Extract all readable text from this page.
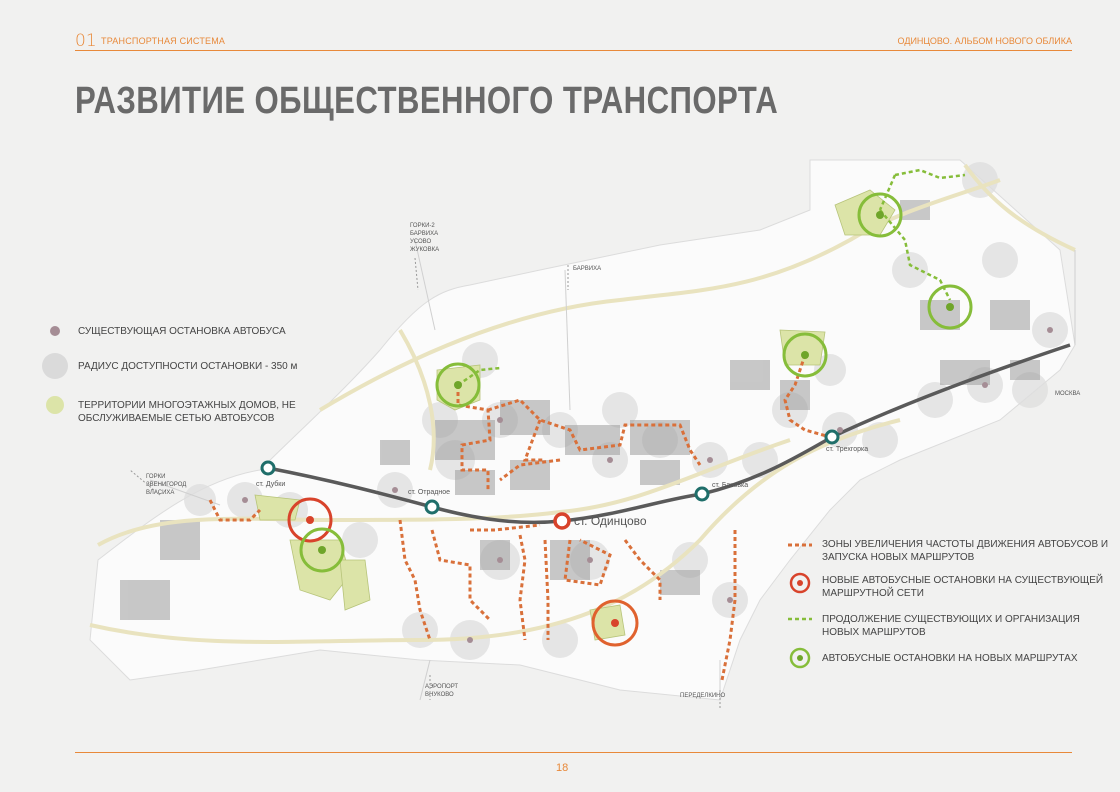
01 ТРАНСПОРТНАЯ СИСТЕМА	ОДИНЦОВО. АЛЬБОМ НОВОГО ОБЛИКА
РАЗВИТИЕ ОБЩЕСТВЕННОГО ТРАНСПОРТА
ст. Дубки
ст. Отрадное
ст. Одинцово
ст. Баковка
ст. Трехгорка
ГОРКИ-2
БАРВИХА
УСОВО
ЖУКОВКА
БАРВИХА
ГОРКИ
ЗВЕНИГОРОД
ВЛАСИХА
АЭРОПОРТ
ВНУКОВО	ПЕРЕДЕЛКИНО
МОСКВА
СУЩЕСТВУЮЩАЯ ОСТАНОВКА АВТОБУСА
РАДИУС ДОСТУПНОСТИ ОСТАНОВКИ - 350 м
ТЕРРИТОРИИ МНОГОЭТАЖНЫХ ДОМОВ, НЕ ОБСЛУЖИВАЕМЫЕ СЕТЬЮ АВТОБУСОВ
ЗОНЫ УВЕЛИЧЕНИЯ ЧАСТОТЫ ДВИЖЕНИЯ АВТОБУСОВ И ЗАПУСКА НОВЫХ МАРШРУТОВ
НОВЫЕ АВТОБУСНЫЕ ОСТАНОВКИ НА СУЩЕСТВУЮЩЕЙ МАРШРУТНОЙ СЕТИ
ПРОДОЛЖЕНИЕ СУЩЕСТВУЮЩИХ И ОРГАНИЗАЦИЯ НОВЫХ МАРШРУТОВ
АВТОБУСНЫЕ ОСТАНОВКИ НА НОВЫХ МАРШРУТАХ
18
